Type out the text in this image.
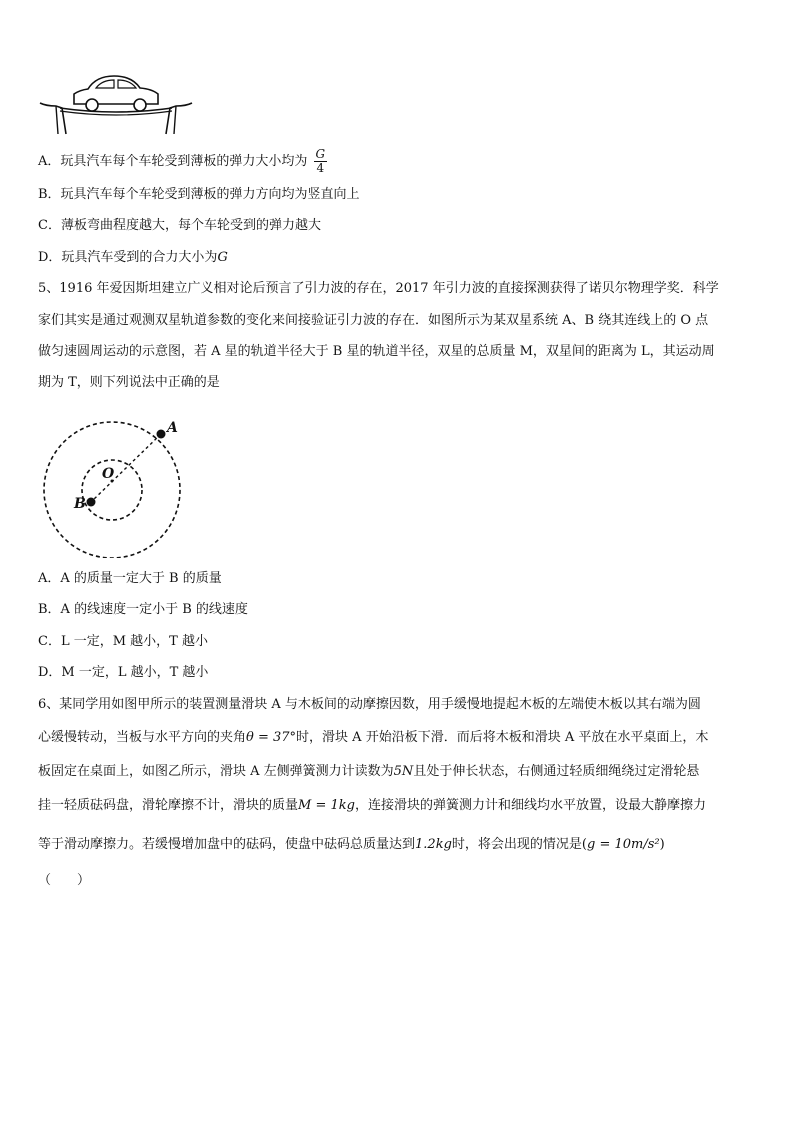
A．玩具汽车每个车轮受到薄板的弹力大小均为 $\frac{G}{4}$
B．玩具汽车每个车轮受到薄板的弹力方向均为竖直向上
C．薄板弯曲程度越大，每个车轮受到的弹力越大
D．玩具汽车受到的合力大小为G
5、1916 年爱因斯坦建立广义相对论后预言了引力波的存在，2017 年引力波的直接探测获得了诺贝尔物理学奖．科学
家们其实是通过观测双星轨道参数的变化来间接验证引力波的存在．如图所示为某双星系统 A、B 绕其连线上的 O 点
做匀速圆周运动的示意图，若 A 星的轨道半径大于 B 星的轨道半径，双星的总质量 M，双星间的距离为 L，其运动周
期为 T，则下列说法中正确的是
A
B
O
A．A 的质量一定大于 B 的质量
B．A 的线速度一定小于 B 的线速度
C．L 一定，M 越小，T 越小
D．M 一定，L 越小，T 越小
6、某同学用如图甲所示的装置测量滑块 A 与木板间的动摩擦因数，用手缓慢地提起木板的左端使木板以其右端为圆
心缓慢转动，当板与水平方向的夹角θ = 37°时，滑块 A 开始沿板下滑．而后将木板和滑块 A 平放在水平桌面上，木
板固定在桌面上，如图乙所示，滑块 A 左侧弹簧测力计读数为5N且处于伸长状态，右侧通过轻质细绳绕过定滑轮悬
挂一轻质砝码盘，滑轮摩擦不计，滑块的质量M = 1kg，连接滑块的弹簧测力计和细线均水平放置，设最大静摩擦力
等于滑动摩擦力。若缓慢增加盘中的砝码，使盘中砝码总质量达到1.2kg时，将会出现的情况是(g = 10m/s²)
（　　）
